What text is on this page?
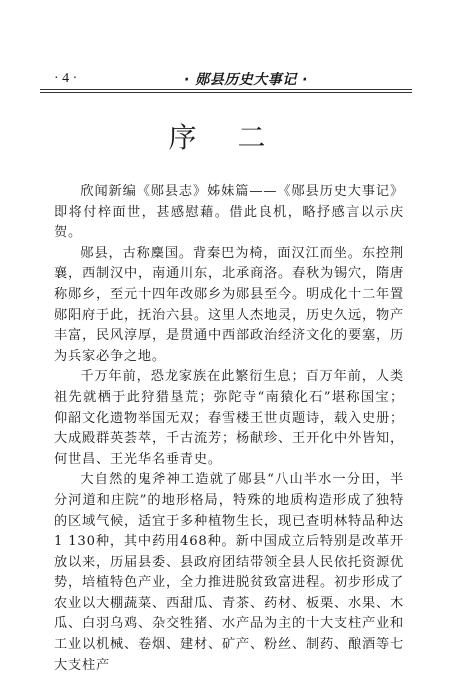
· 4 ·	· 郧县历史大事记 ·
序 二

欣闻新编《郧县志》姊妹篇——《郧县历史大事记》即将付梓面世，甚感慰藉。借此良机，略抒感言以示庆贺。

郧县，古称麇国。背秦巴为椅，面汉江而坐。东控荆襄，西制汉中，南通川东，北承商洛。春秋为锡穴，隋唐称郧乡，至元十四年改郧乡为郧县至今。明成化十二年置郧阳府于此，抚治六县。这里人杰地灵，历史久远，物产丰富，民风淳厚，是贯通中西部政治经济文化的要塞，历为兵家必争之地。

千万年前，恐龙家族在此繁衍生息；百万年前，人类祖先就栖于此狩猎垦荒；弥陀寺“南猿化石”堪称国宝；仰韶文化遗物举国无双；春雪楼王世贞题诗，载入史册；大成殿群英荟萃，千古流芳；杨献珍、王开化中外皆知，何世昌、王光华名垂青史。

大自然的鬼斧神工造就了郧县“八山半水一分田，半分河道和庄院”的地形格局，特殊的地质构造形成了独特的区域气候，适宜于多种植物生长，现已查明林特品种达1 130种，其中药用468种。新中国成立后特别是改革开放以来，历届县委、县政府团结带领全县人民依托资源优势，培植特色产业，全力推进脱贫致富进程。初步形成了农业以大棚蔬菜、西甜瓜、青茶、药材、板栗、水果、木瓜、白羽乌鸡、杂交牲猪、水产品为主的十大支柱产业和工业以机械、卷烟、建材、矿产、粉丝、制药、酿酒等七大支柱产
